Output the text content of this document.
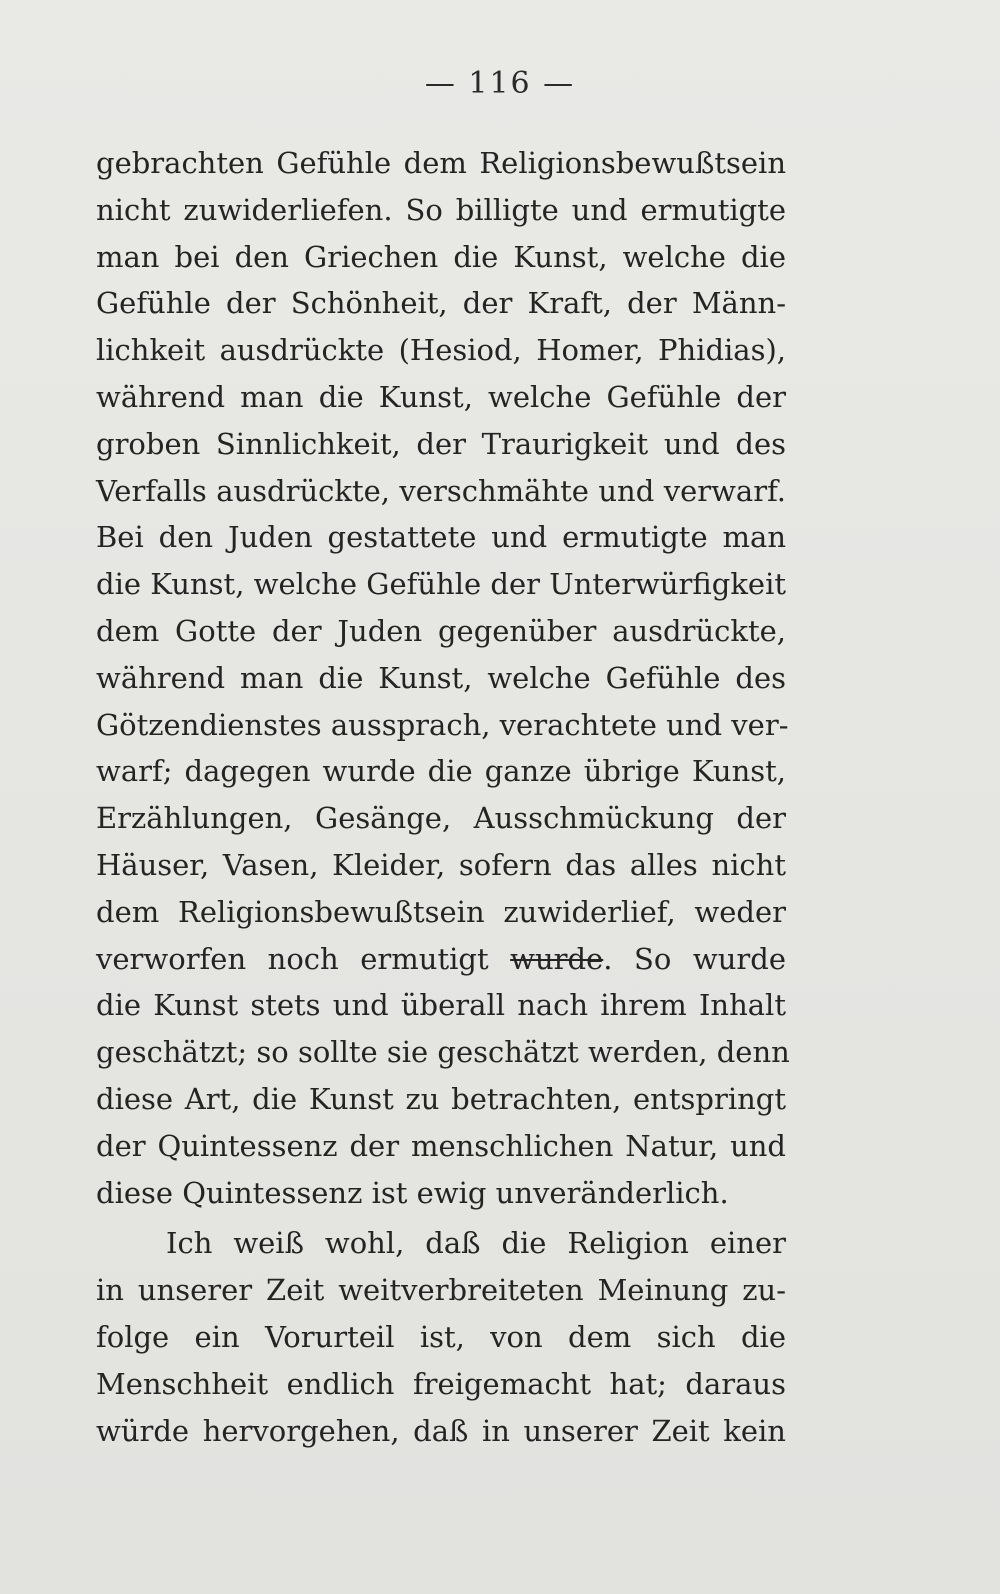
— 116 —
gebrachten Gefühle dem Religionsbewußtsein
nicht zuwiderliefen. So billigte und ermutigte
man bei den Griechen die Kunst, welche die
Gefühle der Schönheit, der Kraft, der Männ-
lichkeit ausdrückte (Hesiod, Homer, Phidias),
während man die Kunst, welche Gefühle der
groben Sinnlichkeit, der Traurigkeit und des
Verfalls ausdrückte, verschmähte und verwarf.
Bei den Juden gestattete und ermutigte man
die Kunst, welche Gefühle der Unterwürfigkeit
dem Gotte der Juden gegenüber ausdrückte,
während man die Kunst, welche Gefühle des
Götzendienstes aussprach, verachtete und ver-
warf; dagegen wurde die ganze übrige Kunst,
Erzählungen, Gesänge, Ausschmückung der
Häuser, Vasen, Kleider, sofern das alles nicht
dem Religionsbewußtsein zuwiderlief, weder
verworfen noch ermutigt wurde. So wurde
die Kunst stets und überall nach ihrem Inhalt
geschätzt; so sollte sie geschätzt werden, denn
diese Art, die Kunst zu betrachten, entspringt
der Quintessenz der menschlichen Natur, und
diese Quintessenz ist ewig unveränderlich.
Ich weiß wohl, daß die Religion einer
in unserer Zeit weitverbreiteten Meinung zu-
folge ein Vorurteil ist, von dem sich die
Menschheit endlich freigemacht hat; daraus
würde hervorgehen, daß in unserer Zeit kein
